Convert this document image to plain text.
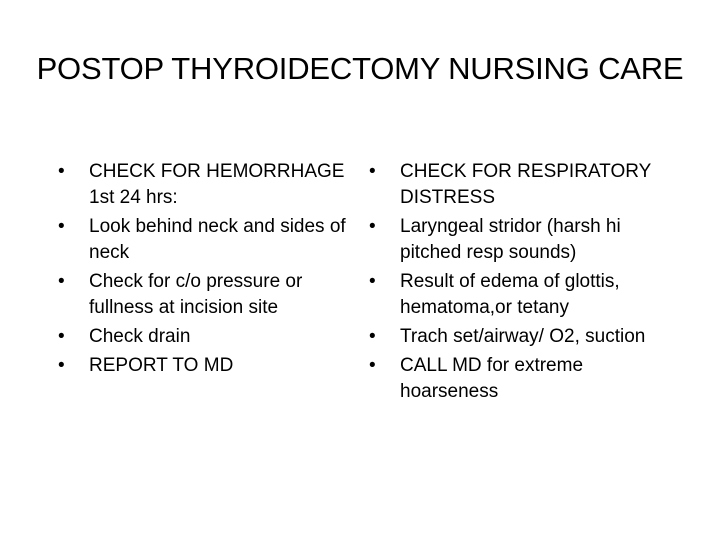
POSTOP THYROIDECTOMY NURSING CARE
•	CHECK FOR HEMORRHAGE 1st 24 hrs:
•	Look behind neck and sides of neck
•	Check for c/o pressure or fullness at incision site
•	Check drain
•	REPORT TO MD
•	CHECK FOR RESPIRATORY DISTRESS
•	Laryngeal stridor (harsh hi pitched resp sounds)
•	Result of edema of glottis, hematoma,or tetany
•	Trach set/airway/ O2, suction
•	CALL MD for extreme hoarseness
